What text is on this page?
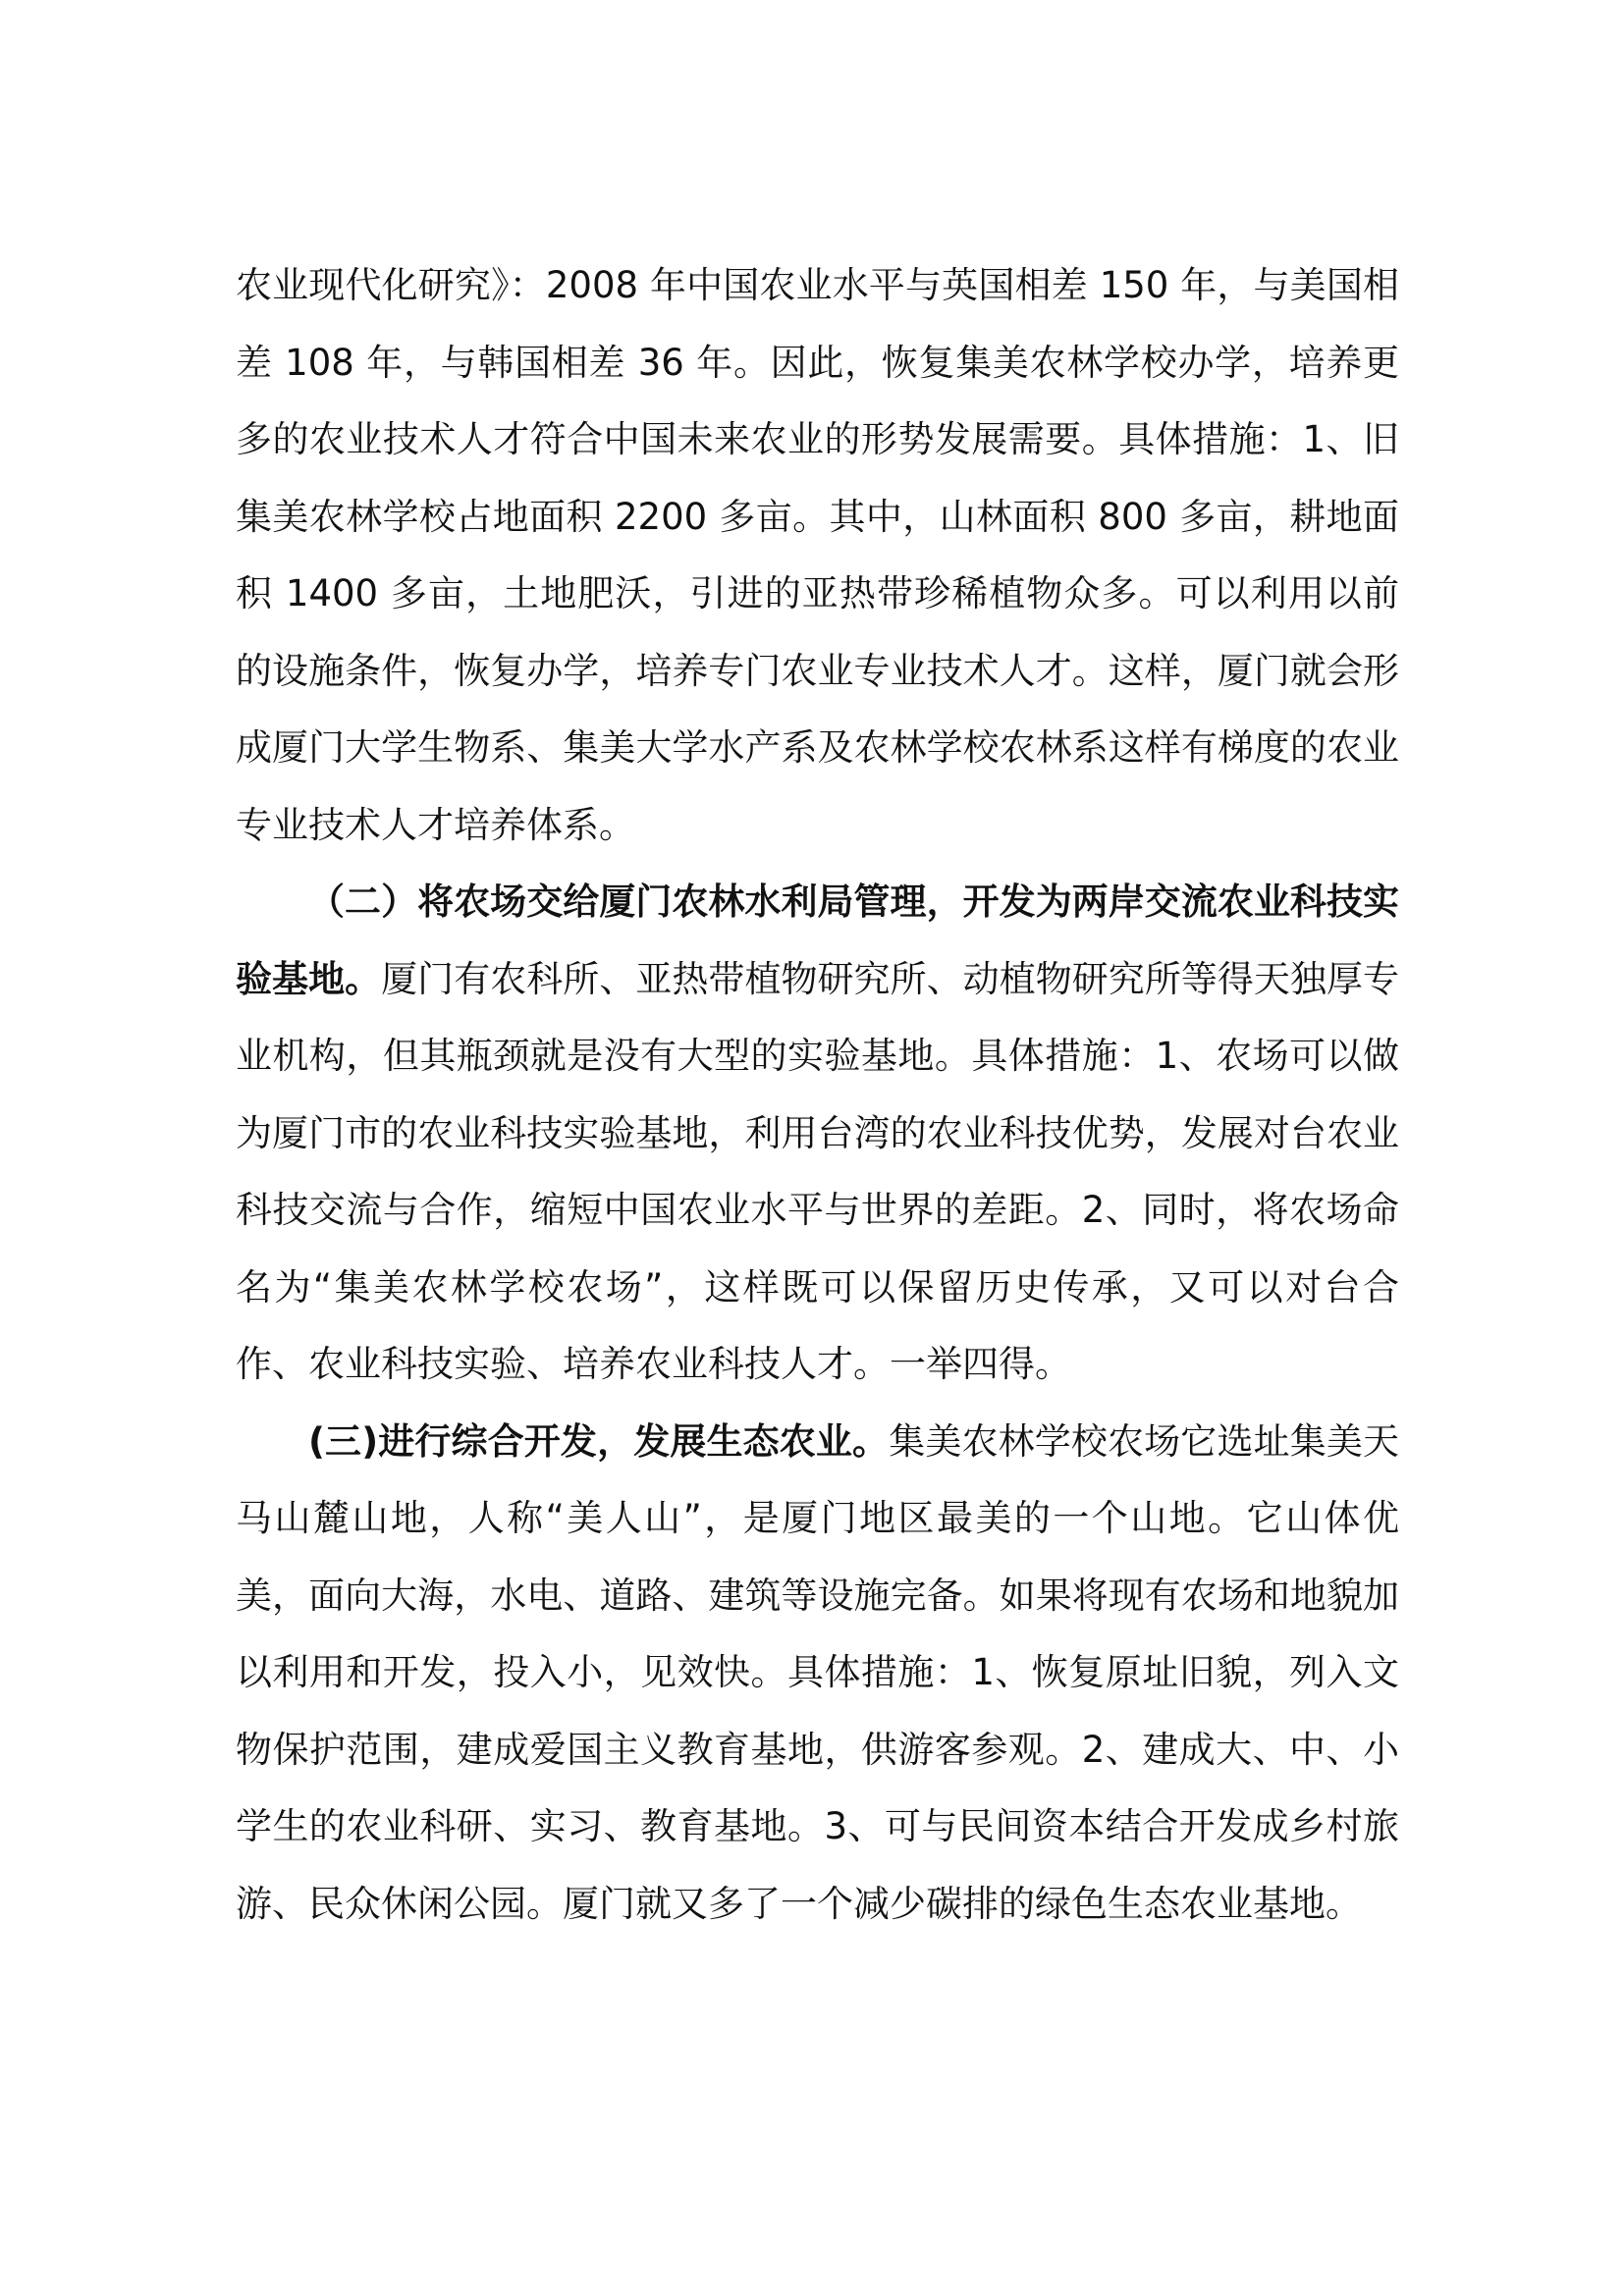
农业现代化研究》：2008 年中国农业水平与英国相差 150 年，与美国相差 108 年，与韩国相差 36 年。因此，恢复集美农林学校办学，培养更多的农业技术人才符合中国未来农业的形势发展需要。具体措施：1、旧集美农林学校占地面积 2200 多亩。其中，山林面积 800 多亩，耕地面积 1400 多亩，土地肥沃，引进的亚热带珍稀植物众多。可以利用以前的设施条件，恢复办学，培养专门农业专业技术人才。这样，厦门就会形成厦门大学生物系、集美大学水产系及农林学校农林系这样有梯度的农业专业技术人才培养体系。

（二）将农场交给厦门农林水利局管理，开发为两岸交流农业科技实验基地。厦门有农科所、亚热带植物研究所、动植物研究所等得天独厚专业机构，但其瓶颈就是没有大型的实验基地。具体措施：1、农场可以做为厦门市的农业科技实验基地，利用台湾的农业科技优势，发展对台农业科技交流与合作，缩短中国农业水平与世界的差距。2、同时，将农场命名为“集美农林学校农场”，这样既可以保留历史传承，又可以对台合作、农业科技实验、培养农业科技人才。一举四得。

(三)进行综合开发，发展生态农业。集美农林学校农场它选址集美天马山麓山地，人称“美人山”，是厦门地区最美的一个山地。它山体优美，面向大海，水电、道路、建筑等设施完备。如果将现有农场和地貌加以利用和开发，投入小，见效快。具体措施：1、恢复原址旧貌，列入文物保护范围，建成爱国主义教育基地，供游客参观。2、建成大、中、小学生的农业科研、实习、教育基地。3、可与民间资本结合开发成乡村旅游、民众休闲公园。厦门就又多了一个减少碳排的绿色生态农业基地。
